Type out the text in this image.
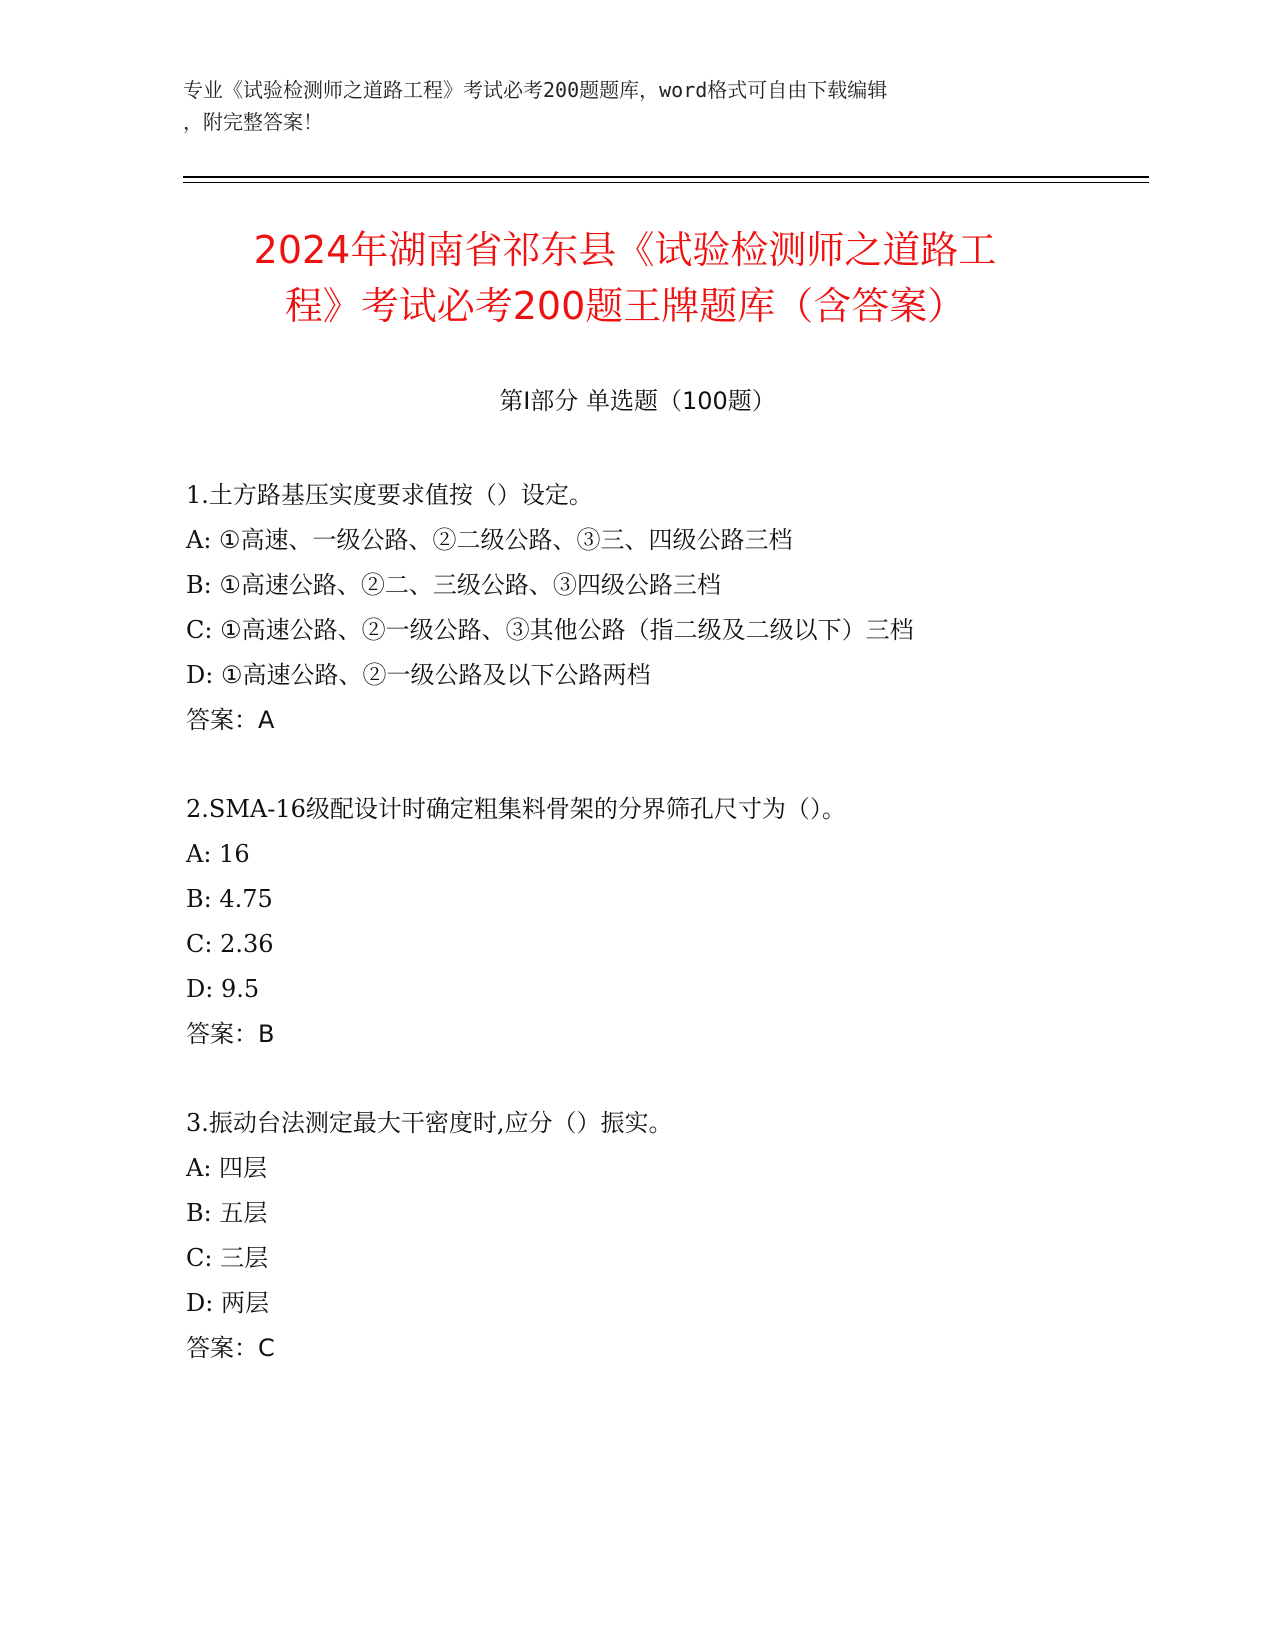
专业《试验检测师之道路工程》考试必考200题题库，word格式可自由下载编辑
，附完整答案！
2024年湖南省祁东县《试验检测师之道路工
程》考试必考200题王牌题库（含答案）
第Ⅰ部分 单选题（100题）
1.土方路基压实度要求值按（）设定。
A: ①高速、一级公路、②二级公路、③三、四级公路三档
B: ①高速公路、②二、三级公路、③四级公路三档
C: ①高速公路、②一级公路、③其他公路（指二级及二级以下）三档
D: ①高速公路、②一级公路及以下公路两档
答案：A
2.SMA-16级配设计时确定粗集料骨架的分界筛孔尺寸为（）。
A: 16
B: 4.75
C: 2.36
D: 9.5
答案：B
3.振动台法测定最大干密度时,应分（）振实。
A: 四层
B: 五层
C: 三层
D: 两层
答案：C
